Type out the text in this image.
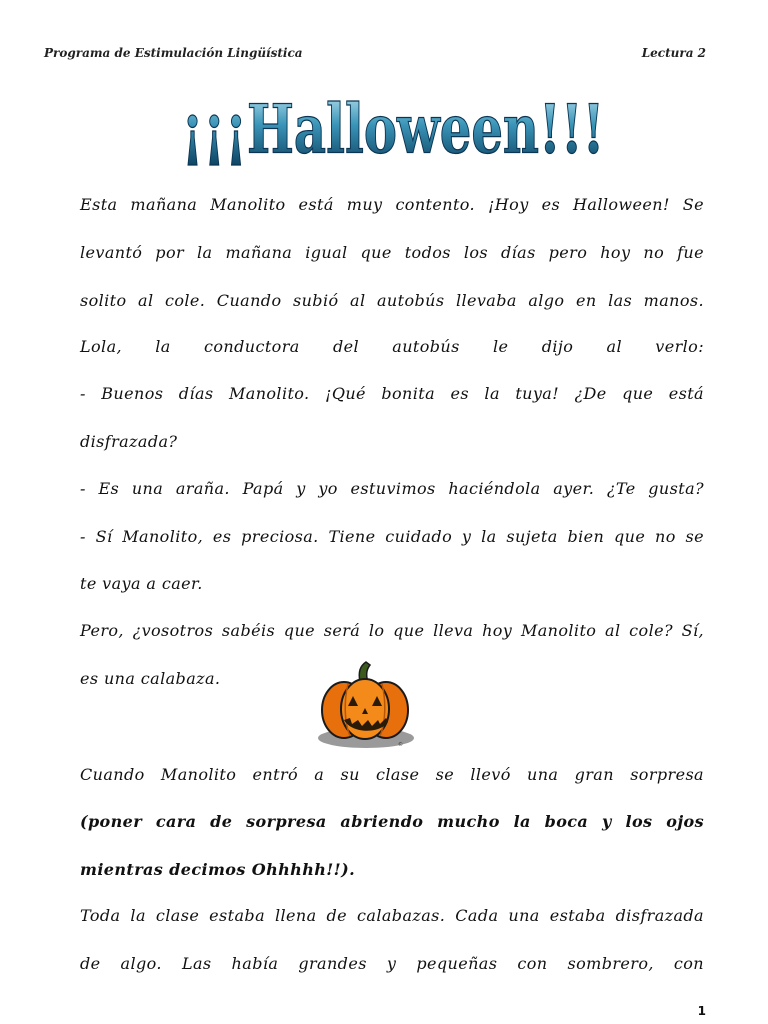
Programa de Estimulación Lingüística	Lectura 2
¡¡¡Halloween!!!
Esta mañana Manolito está muy contento. ¡Hoy es Halloween! Se
levantó por la mañana igual que todos los días pero hoy no fue
solito al cole. Cuando subió al autobús llevaba algo en las manos.
Lola, la conductora del autobús le dijo al verlo:
- Buenos días Manolito. ¡Qué bonita es la tuya! ¿De que está
disfrazada?
- Es una araña. Papá y yo estuvimos haciéndola ayer. ¿Te gusta?
- Sí Manolito, es preciosa. Tiene cuidado y la sujeta bien que no se
te vaya a caer.
Pero, ¿vosotros sabéis que será lo que lleva hoy Manolito al cole? Sí,
es una calabaza.
Cuando Manolito entró a su clase se llevó una gran sorpresa
(poner cara de sorpresa abriendo mucho la boca y los ojos
mientras decimos Ohhhhh!!).
Toda la clase estaba llena de calabazas. Cada una estaba disfrazada
de algo. Las había grandes y pequeñas con sombrero, con
©
1
